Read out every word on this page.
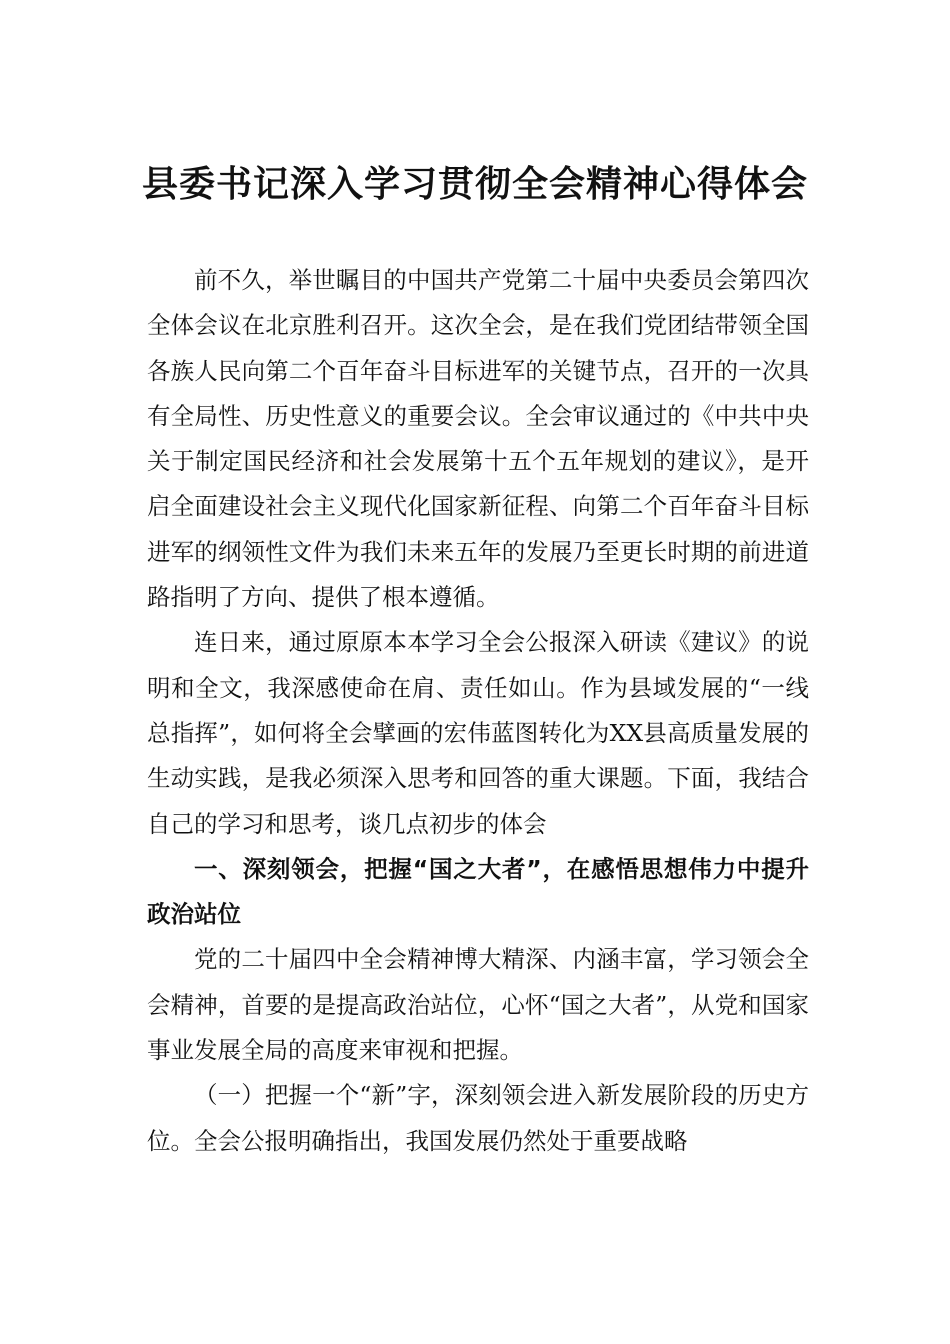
县委书记深入学习贯彻全会精神心得体会

前不久，举世瞩目的中国共产党第二十届中央委员会第四次全体会议在北京胜利召开。这次全会，是在我们党团结带领全国各族人民向第二个百年奋斗目标进军的关键节点，召开的一次具有全局性、历史性意义的重要会议。全会审议通过的《中共中央关于制定国民经济和社会发展第十五个五年规划的建议》，是开启全面建设社会主义现代化国家新征程、向第二个百年奋斗目标进军的纲领性文件为我们未来五年的发展乃至更长时期的前进道路指明了方向、提供了根本遵循。

连日来，通过原原本本学习全会公报深入研读《建议》的说明和全文，我深感使命在肩、责任如山。作为县域发展的“一线总指挥”，如何将全会擘画的宏伟蓝图转化为XX县高质量发展的生动实践，是我必须深入思考和回答的重大课题。下面，我结合自己的学习和思考，谈几点初步的体会

一、深刻领会，把握“国之大者”，在感悟思想伟力中提升政治站位

党的二十届四中全会精神博大精深、内涵丰富，学习领会全会精神，首要的是提高政治站位，心怀“国之大者”，从党和国家事业发展全局的高度来审视和把握。

（一）把握一个“新”字，深刻领会进入新发展阶段的历史方位。全会公报明确指出，我国发展仍然处于重要战略
